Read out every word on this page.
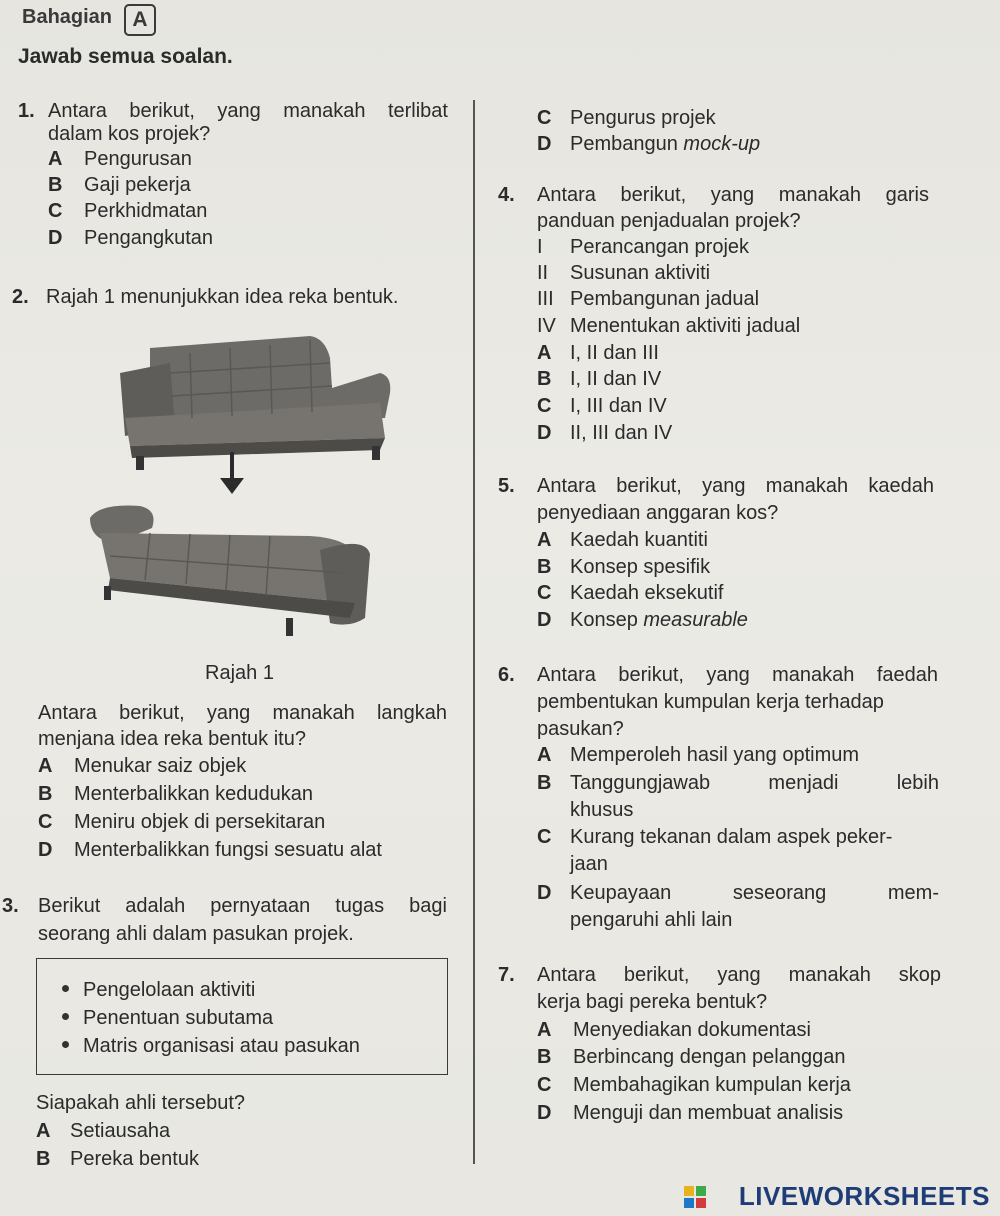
Bahagian A
Jawab semua soalan.
1. Antara berikut, yang manakah terlibat
dalam kos projek?
A Pengurusan
B Gaji pekerja
C Perkhidmatan
D Pengangkutan
2. Rajah 1 menunjukkan idea reka bentuk.
Rajah 1
Antara berikut, yang manakah langkah
menjana idea reka bentuk itu?
A Menukar saiz objek
B Menterbalikkan kedudukan
C Meniru objek di persekitaran
D Menterbalikkan fungsi sesuatu alat
3. Berikut adalah pernyataan tugas bagi
seorang ahli dalam pasukan projek.
Pengelolaan aktiviti
Penentuan subutama
Matris organisasi atau pasukan
Siapakah ahli tersebut?
A Setiausaha
B Pereka bentuk
C Pengurus projek
D Pembangun mock-up
4. Antara berikut, yang manakah garis
panduan penjadualan projek?
I Perancangan projek
II Susunan aktiviti
III Pembangunan jadual
IV Menentukan aktiviti jadual
A I, II dan III
B I, II dan IV
C I, III dan IV
D II, III dan IV
5. Antara berikut, yang manakah kaedah
penyediaan anggaran kos?
A Kaedah kuantiti
B Konsep spesifik
C Kaedah eksekutif
D Konsep measurable
6. Antara berikut, yang manakah faedah
pembentukan kumpulan kerja terhadap
pasukan?
A Memperoleh hasil yang optimum
B Tanggungjawab	menjadi	lebih
khusus
C Kurang tekanan dalam aspek peker-
jaan
D Keupayaan	seseorang	mem-
pengaruhi ahli lain
7. Antara berikut, yang manakah skop
kerja bagi pereka bentuk?
A Menyediakan dokumentasi
B Berbincang dengan pelanggan
C Membahagikan kumpulan kerja
D Menguji dan membuat analisis
LIVEWORKSHEETS
